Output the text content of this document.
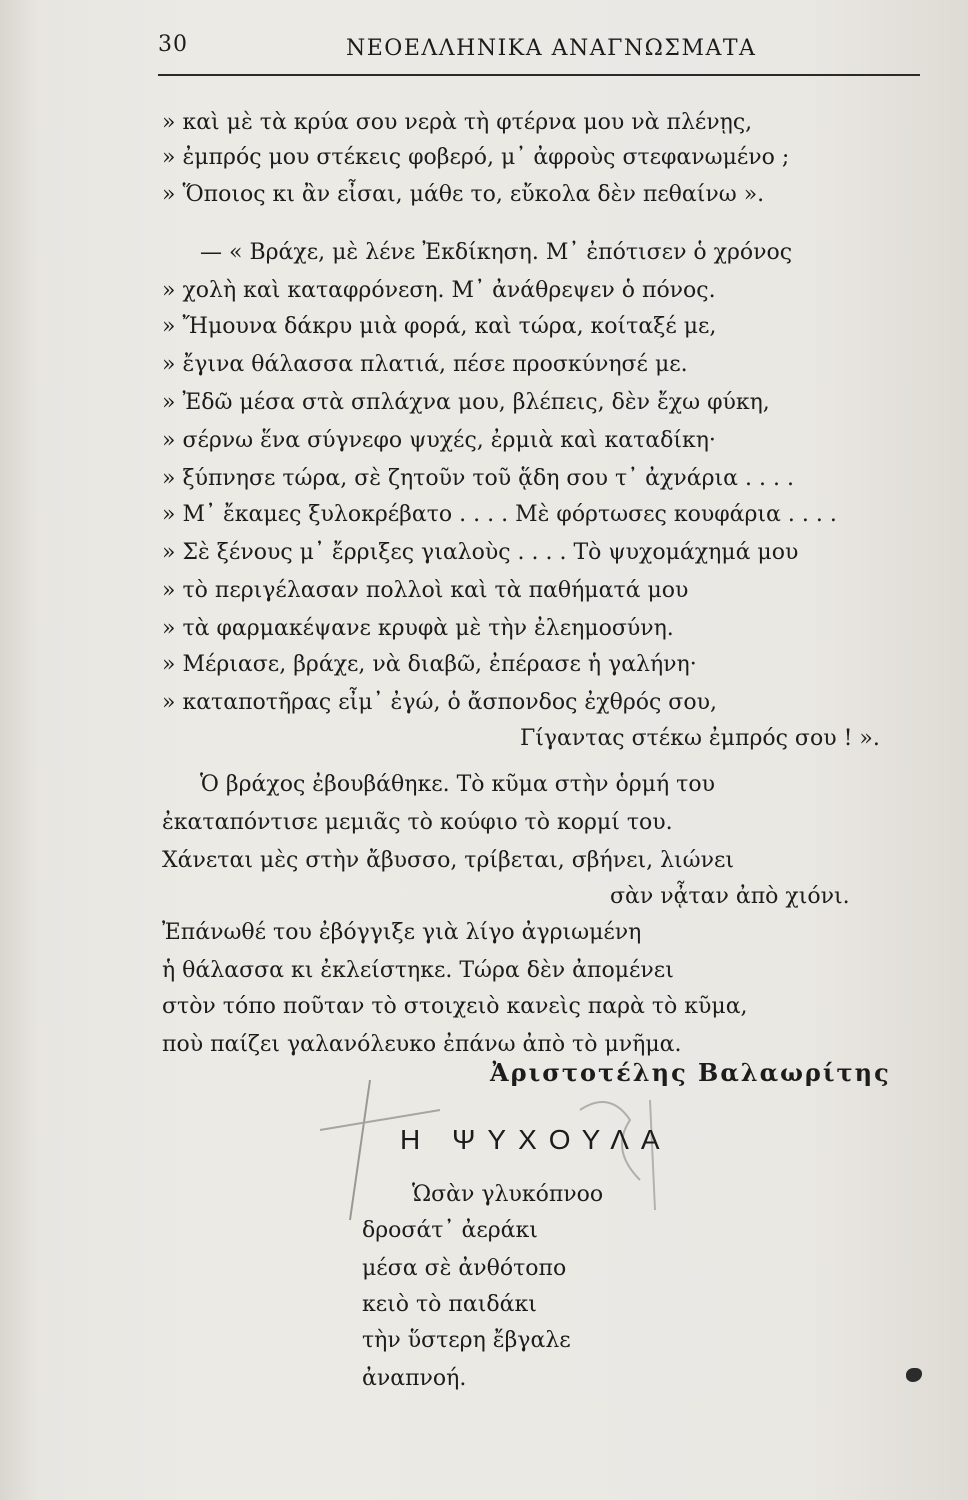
30	ΝΕΟΕΛΛΗΝΙΚΑ ΑΝΑΓΝΩΣΜΑΤΑ
» καὶ μὲ τὰ κρύα σου νερὰ τὴ φτέρνα μου νὰ πλένῃς,
» ἐμπρός μου στέκεις φοβερό, μ᾽ ἀφροὺς στεφανωμένο ;
» Ὅποιος κι ἂν εἶσαι, μάθε το, εὔκολα δὲν πεθαίνω ».
— « Βράχε, μὲ λένε Ἐκδίκηση. Μ᾽ ἐπότισεν ὁ χρόνος
» χολὴ καὶ καταφρόνεση. Μ᾽ ἀνάθρεψεν ὁ πόνος.
» Ἤμουνα δάκρυ μιὰ φορά, καὶ τώρα, κοίταξέ με,
» ἔγινα θάλασσα πλατιά, πέσε προσκύνησέ με.
» Ἐδῶ μέσα στὰ σπλάχνα μου, βλέπεις, δὲν ἔχω φύκη,
» σέρνω ἕνα σύγνεφο ψυχές, ἐρμιὰ καὶ καταδίκη·
» ξύπνησε τώρα, σὲ ζητοῦν τοῦ ᾅδη σου τ᾽ ἀχνάρια . . . .
» Μ᾽ ἔκαμες ξυλοκρέβατο . . . . Μὲ φόρτωσες κουφάρια . . . .
» Σὲ ξένους μ᾽ ἔρριξες γιαλοὺς . . . . Τὸ ψυχομάχημά μου
» τὸ περιγέλασαν πολλοὶ καὶ τὰ παθήματά μου
» τὰ φαρμακέψανε κρυφὰ μὲ τὴν ἐλεημοσύνη.
» Μέριασε, βράχε, νὰ διαβῶ, ἐπέρασε ἡ γαλήνη·
» καταποτῆρας εἶμ᾽ ἐγώ, ὁ ἄσπονδος ἐχθρός σου,
Γίγαντας στέκω ἐμπρός σου ! ».
Ὁ βράχος ἐβουβάθηκε. Τὸ κῦμα στὴν ὁρμή του
ἐκαταπόντισε μεμιᾶς τὸ κούφιο τὸ κορμί του.
Χάνεται μὲς στὴν ἄβυσσο, τρίβεται, σβήνει, λιώνει
σὰν νᾆταν ἀπὸ χιόνι.
Ἐπάνωθέ του ἐβόγγιξε γιὰ λίγο ἀγριωμένη
ἡ θάλασσα κι ἐκλείστηκε. Τώρα δὲν ἀπομένει
στὸν τόπο ποῦταν τὸ στοιχειὸ κανεὶς παρὰ τὸ κῦμα,
ποὺ παίζει γαλανόλευκο ἐπάνω ἀπὸ τὸ μνῆμα.
Ἀριστοτέλης Βαλαωρίτης
Η ΨΥΧΟΥΛΑ
Ὡσὰν γλυκόπνοο
δροσάτ᾽ ἀεράκι
μέσα σὲ ἀνθότοπο
κειὸ τὸ παιδάκι
τὴν ὕστερη ἔβγαλε
ἀναπνοή.
